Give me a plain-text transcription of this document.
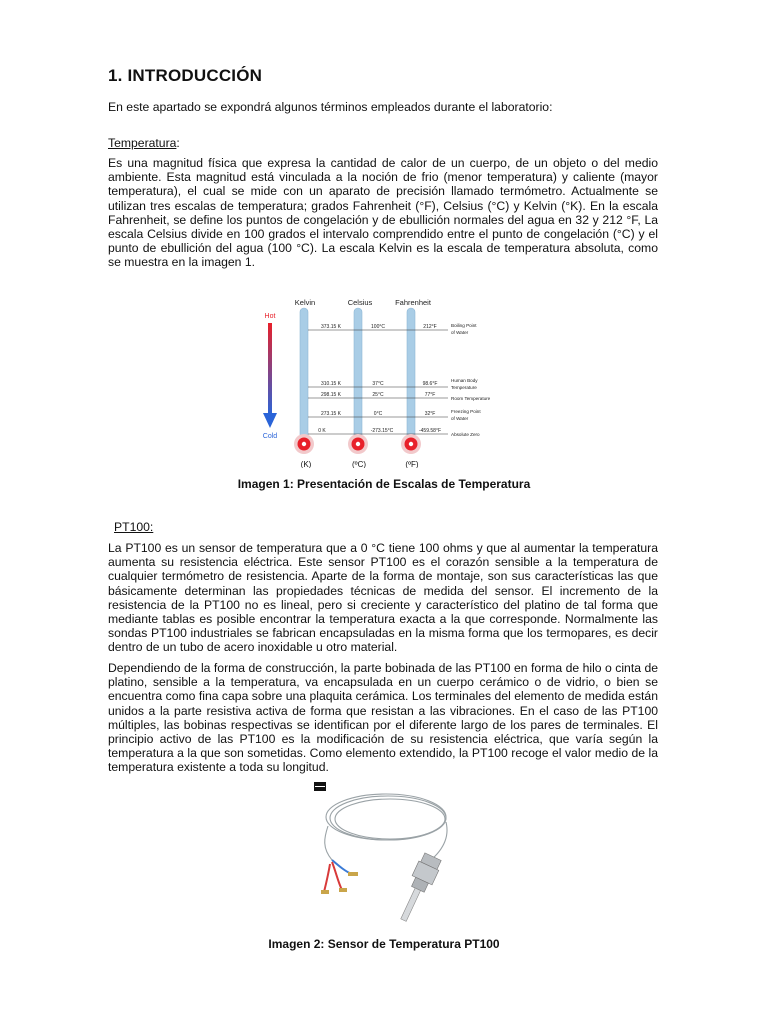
1. INTRODUCCIÓN
En este apartado se expondrá algunos términos empleados durante el laboratorio:
Temperatura:
Es una magnitud física que expresa la cantidad de calor de un cuerpo, de un objeto o del medio ambiente. Esta magnitud está vinculada a la noción de frio (menor temperatura) y caliente (mayor temperatura), el cual se mide con un aparato de precisión llamado termómetro. Actualmente se utilizan tres escalas de temperatura; grados Fahrenheit (°F), Celsius (°C) y Kelvin (°K). En la escala Fahrenheit, se define los puntos de congelación y de ebullición normales del agua en 32 y 212 °F, La escala Celsius divide en 100 grados el intervalo comprendido entre el punto de congelación (°C) y el punto de ebullición del agua (100 °C). La escala Kelvin es la escala de temperatura absoluta, como se muestra en la imagen 1.
Kelvin	Celsius	Fahrenheit
Hot
Cold
373.15 K	100°C	212°F	Boiling Point
of Water
310.15 K	37°C	98.6°F
Human Body
Temperature
298.15 K	25°C	77°F
Room Temperature
273.15 K	0°C	32°F	Freezing Point
of Water
0 K	-273.15°C	-459.58°F
Absolute Zero
(K)	(ºC)	(ºF)
Imagen 1: Presentación de Escalas de Temperatura
PT100:
La PT100 es un sensor de temperatura que a 0 °C tiene 100 ohms y que al aumentar la temperatura aumenta su resistencia eléctrica. Este sensor PT100 es el corazón sensible a la temperatura de cualquier termómetro de resistencia. Aparte de la forma de montaje, son sus características las que básicamente determinan las propiedades técnicas de medida del sensor. El incremento de la resistencia de la PT100 no es lineal, pero si creciente y característico del platino de tal forma que mediante tablas es posible encontrar la temperatura exacta a la que corresponde. Normalmente las sondas PT100 industriales se fabrican encapsuladas en la misma forma que los termopares, es decir dentro de un tubo de acero inoxidable u otro material.
Dependiendo de la forma de construcción, la parte bobinada de las PT100 en forma de hilo o cinta de platino, sensible a la temperatura, va encapsulada en un cuerpo cerámico o de vidrio, o bien se encuentra como fina capa sobre una plaquita cerámica. Los terminales del elemento de medida están unidos a la parte resistiva activa de forma que resistan a las vibraciones. En el caso de las PT100 múltiples, las bobinas respectivas se identifican por el diferente largo de los pares de terminales. El principio activo de las PT100 es la modificación de su resistencia eléctrica, que varía según la temperatura a la que son sometidas. Como elemento extendido, la PT100 recoge el valor medio de la temperatura existente a toda su longitud.
Imagen 2: Sensor de Temperatura PT100
